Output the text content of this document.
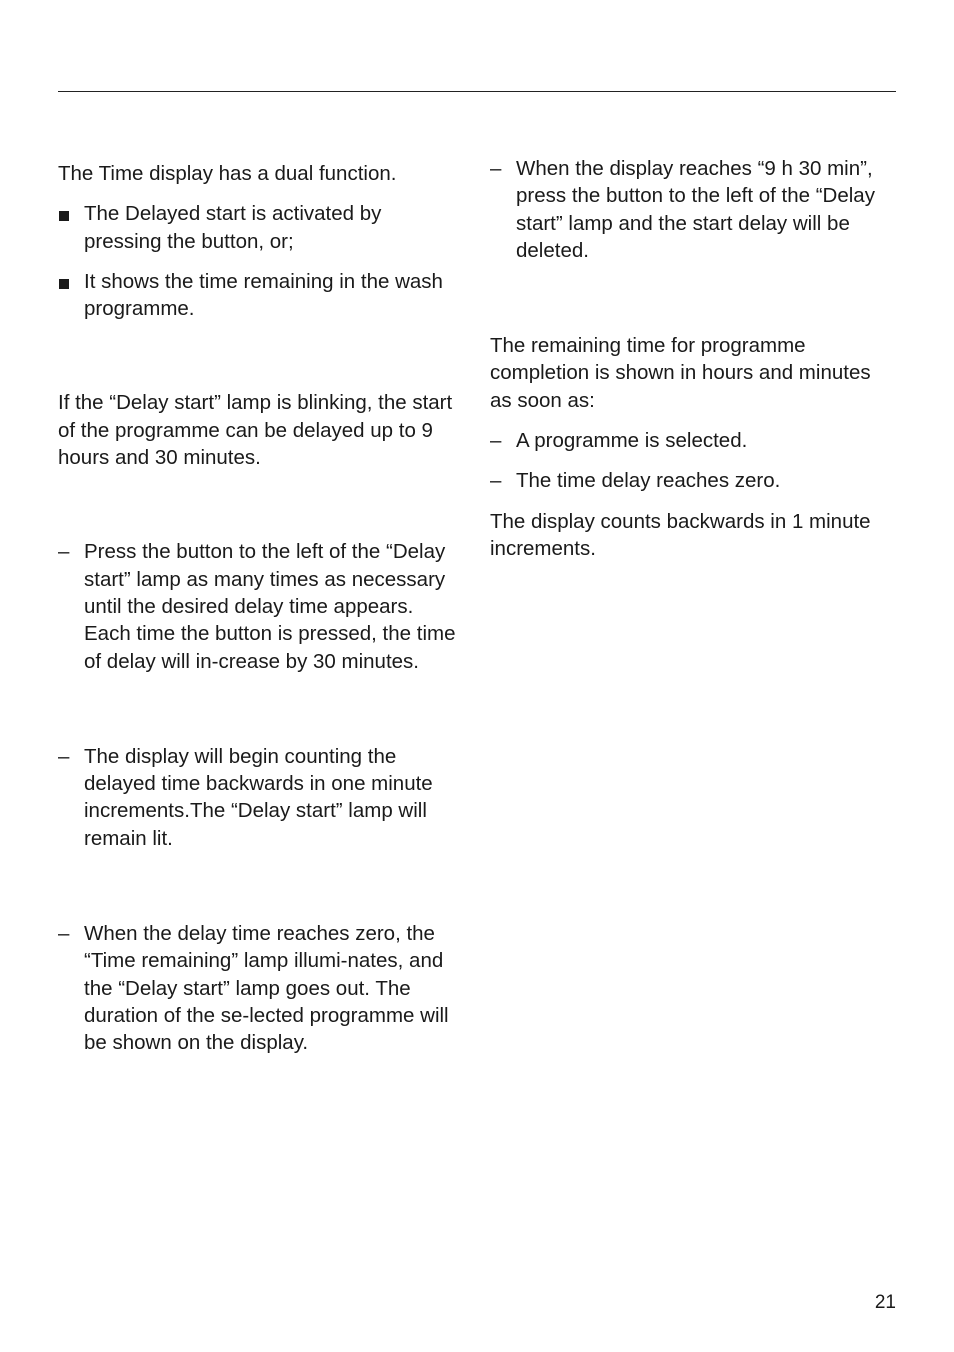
The Time display has a dual function.

The Delayed start is activated by pressing the button, or;

It shows the time remaining in the wash programme.

If the “Delay start” lamp is blinking, the start of the programme can be delayed up to 9 hours and 30 minutes.

– Press the button to the left of the “Delay start” lamp as many times as necessary until the desired delay time appears. Each time the button is pressed, the time of delay will in-crease by 30 minutes.

– The display will begin counting the delayed time backwards in one minute increments.The “Delay start” lamp will remain lit.

– When the delay time reaches zero, the “Time remaining” lamp illumi-nates, and the “Delay start” lamp goes out. The duration of the se-lected programme will be shown on the display.

– When the display reaches “9 h 30 min”, press the button to the left of the “Delay start” lamp and the start delay will be deleted.

The remaining time for programme completion is shown in hours and minutes as soon as:

– A programme is selected.

– The time delay reaches zero.

The display counts backwards in 1 minute increments.

21
